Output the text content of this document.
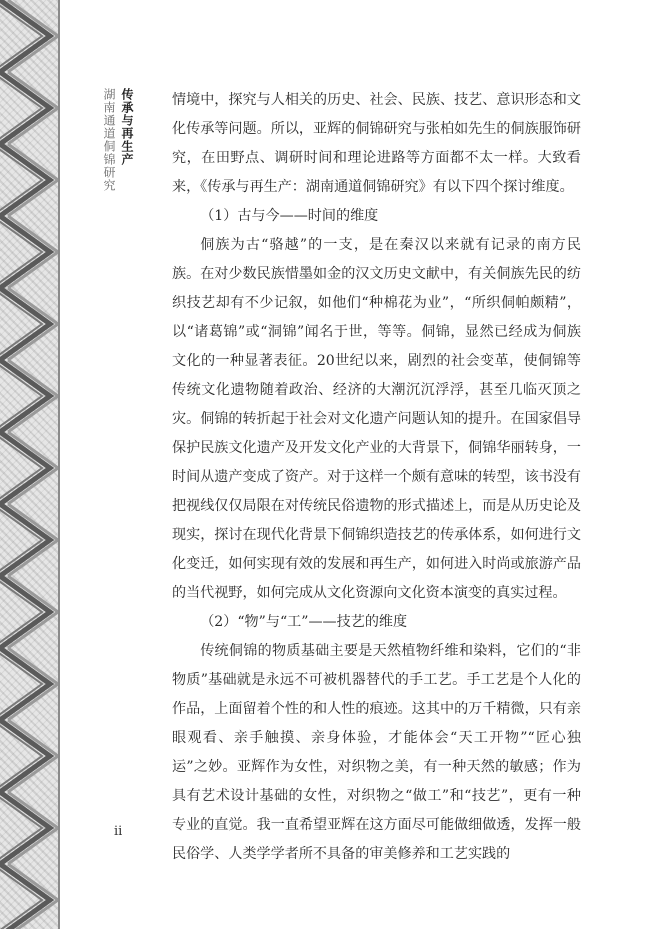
传承与再生产
湖南通道侗锦研究
ii

情境中，探究与人相关的历史、社会、民族、技艺、意识形态和文化传承等问题。所以，亚辉的侗锦研究与张柏如先生的侗族服饰研究，在田野点、调研时间和理论进路等方面都不太一样。大致看来，《传承与再生产：湖南通道侗锦研究》有以下四个探讨维度。

（1）古与今——时间的维度

侗族为古“骆越”的一支，是在秦汉以来就有记录的南方民族。在对少数民族惜墨如金的汉文历史文献中，有关侗族先民的纺织技艺却有不少记叙，如他们“种棉花为业”，“所织侗帕颇精”，以“诸葛锦”或“洞锦”闻名于世，等等。侗锦，显然已经成为侗族文化的一种显著表征。20世纪以来，剧烈的社会变革，使侗锦等传统文化遗物随着政治、经济的大潮沉沉浮浮，甚至几临灭顶之灾。侗锦的转折起于社会对文化遗产问题认知的提升。在国家倡导保护民族文化遗产及开发文化产业的大背景下，侗锦华丽转身，一时间从遗产变成了资产。对于这样一个颇有意味的转型，该书没有把视线仅仅局限在对传统民俗遗物的形式描述上，而是从历史论及现实，探讨在现代化背景下侗锦织造技艺的传承体系，如何进行文化变迁，如何实现有效的发展和再生产，如何进入时尚或旅游产品的当代视野，如何完成从文化资源向文化资本演变的真实过程。

（2）“物”与“工”——技艺的维度

传统侗锦的物质基础主要是天然植物纤维和染料，它们的“非物质”基础就是永远不可被机器替代的手工艺。手工艺是个人化的作品，上面留着个性的和人性的痕迹。这其中的万千精微，只有亲眼观看、亲手触摸、亲身体验，才能体会“天工开物”“匠心独运”之妙。亚辉作为女性，对织物之美，有一种天然的敏感；作为具有艺术设计基础的女性，对织物之“做工”和“技艺”，更有一种专业的直觉。我一直希望亚辉在这方面尽可能做细做透，发挥一般民俗学、人类学学者所不具备的审美修养和工艺实践的
